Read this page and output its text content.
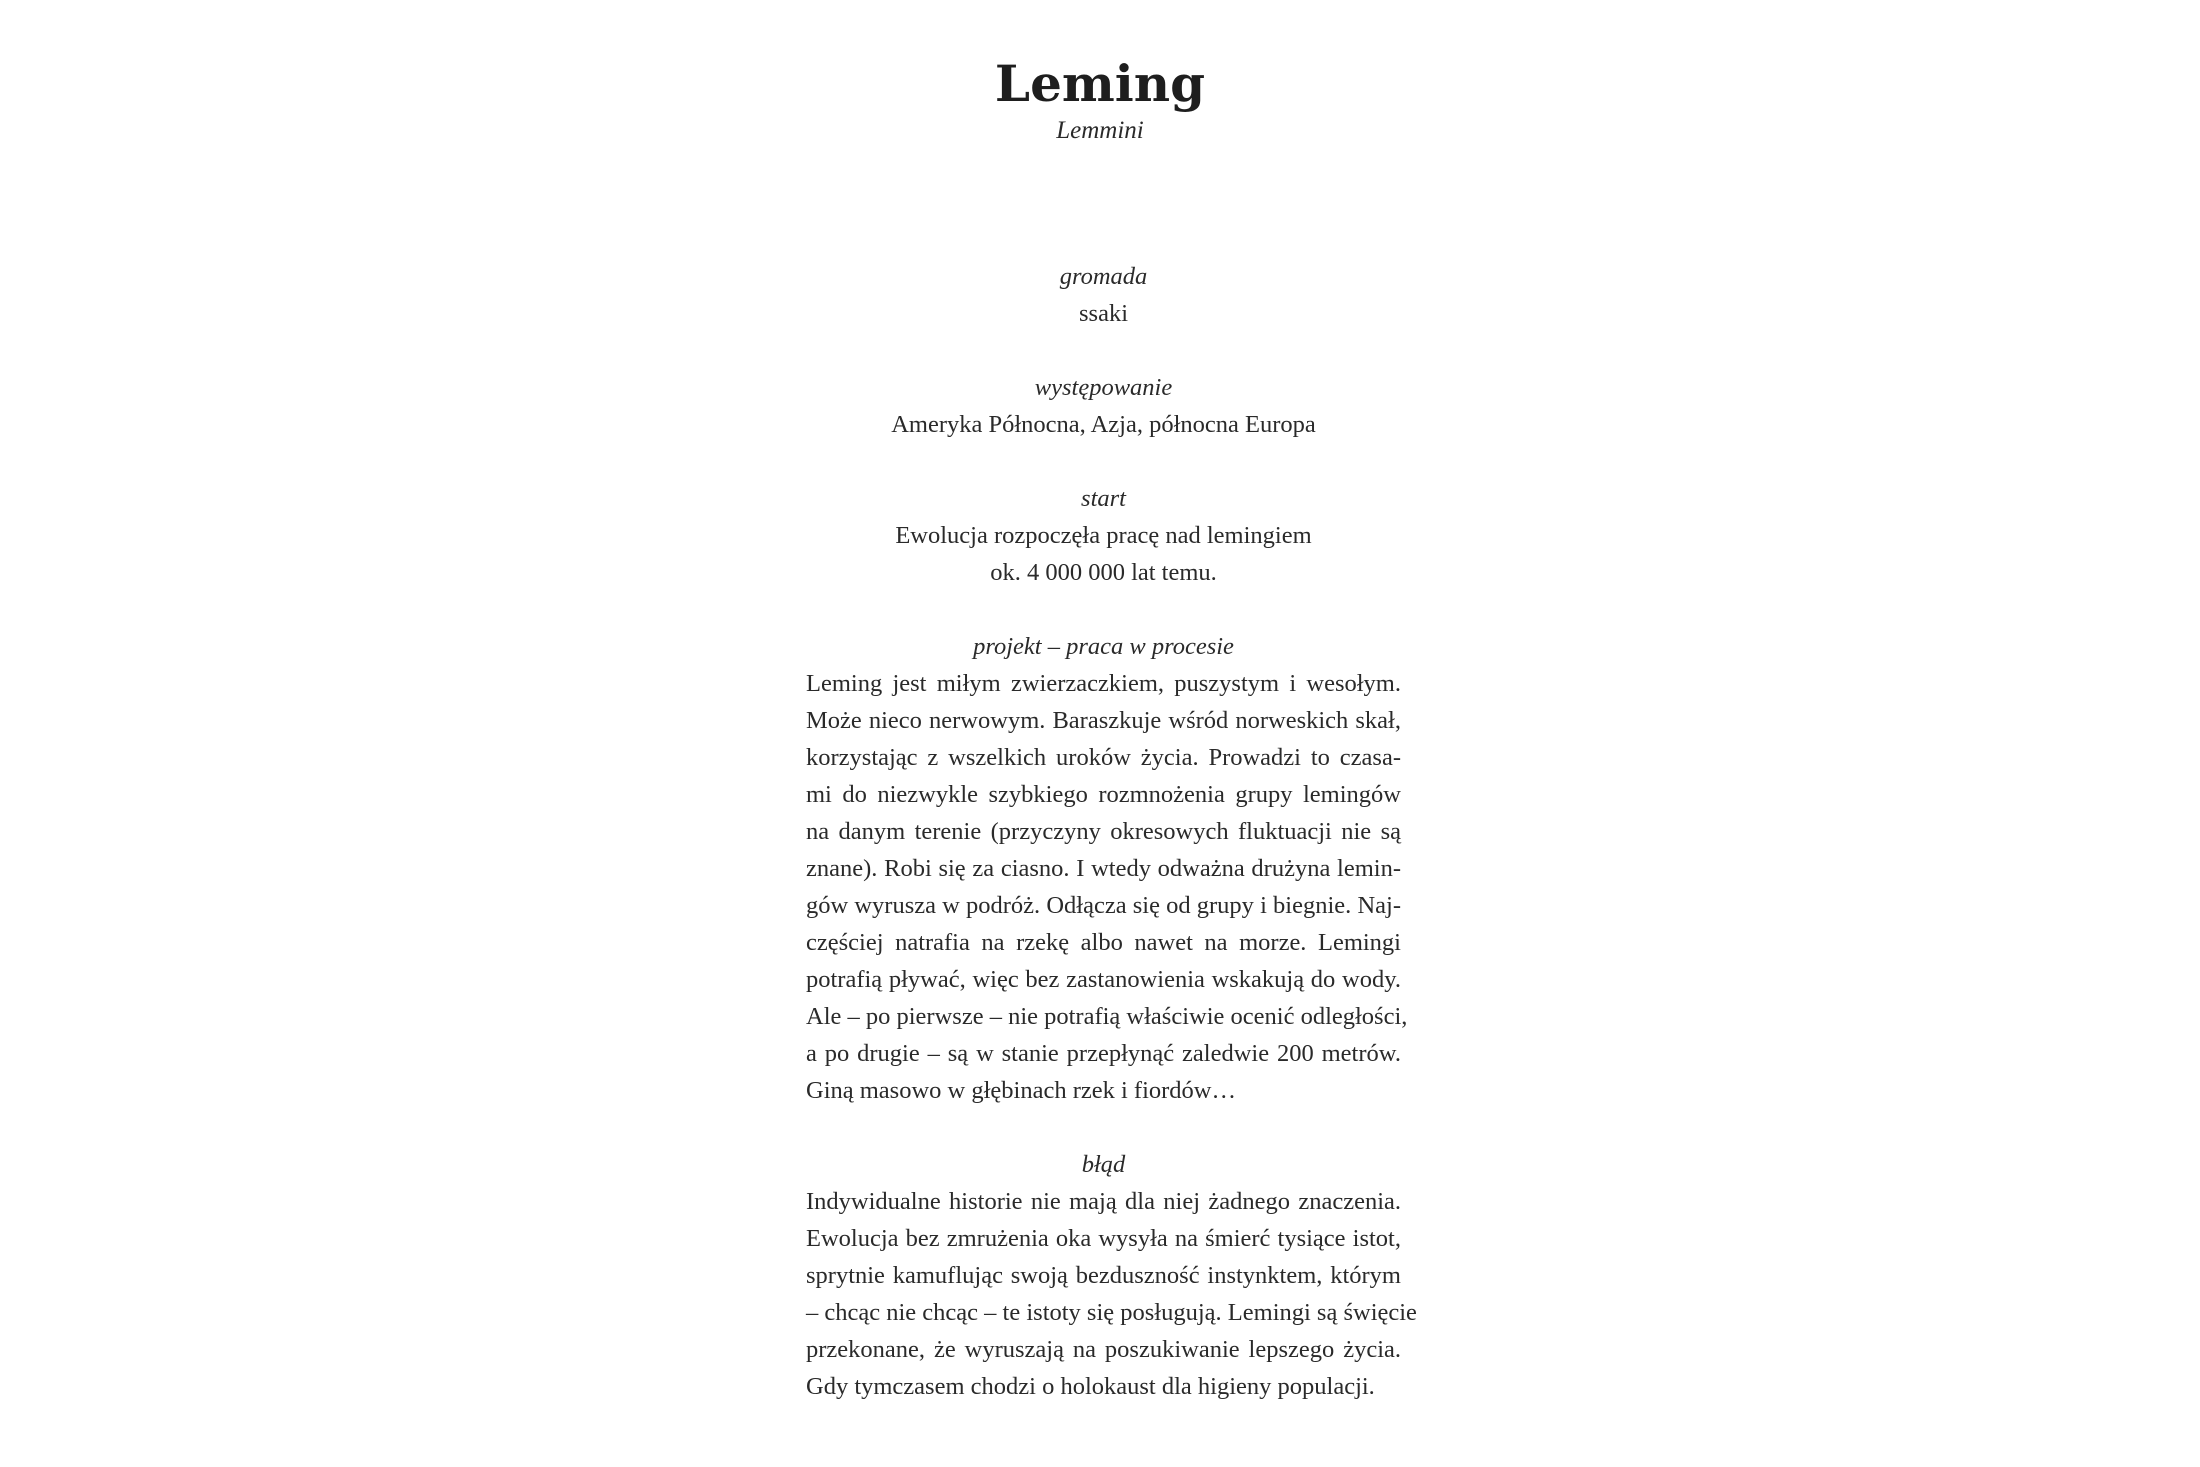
Leming
Lemmini

gromada

ssaki

występowanie

Ameryka Północna, Azja, północna Europa

start

Ewolucja rozpoczęła pracę nad lemingiem
ok. 4 000 000 lat temu.

projekt – praca w procesie

Leming jest miłym zwierzaczkiem, puszystym i wesołym.
Może nieco nerwowym. Baraszkuje wśród norweskich skał,
korzystając z wszelkich uroków życia. Prowadzi to czasa-
mi do niezwykle szybkiego rozmnożenia grupy lemingów
na danym terenie (przyczyny okresowych fluktuacji nie są
znane). Robi się za ciasno. I wtedy odważna drużyna lemin-
gów wyrusza w podróż. Odłącza się od grupy i biegnie. Naj-
częściej natrafia na rzekę albo nawet na morze. Lemingi
potrafią pływać, więc bez zastanowienia wskakują do wody.
Ale – po pierwsze – nie potrafią właściwie ocenić odległości,
a po drugie – są w stanie przepłynąć zaledwie 200 metrów.
Giną masowo w głębinach rzek i fiordów…

błąd

Indywidualne historie nie mają dla niej żadnego znaczenia.
Ewolucja bez zmrużenia oka wysyła na śmierć tysiące istot,
sprytnie kamuflując swoją bezduszność instynktem, którym
– chcąc nie chcąc – te istoty się posługują. Lemingi są święcie
przekonane, że wyruszają na poszukiwanie lepszego życia.
Gdy tymczasem chodzi o holokaust dla higieny populacji.
